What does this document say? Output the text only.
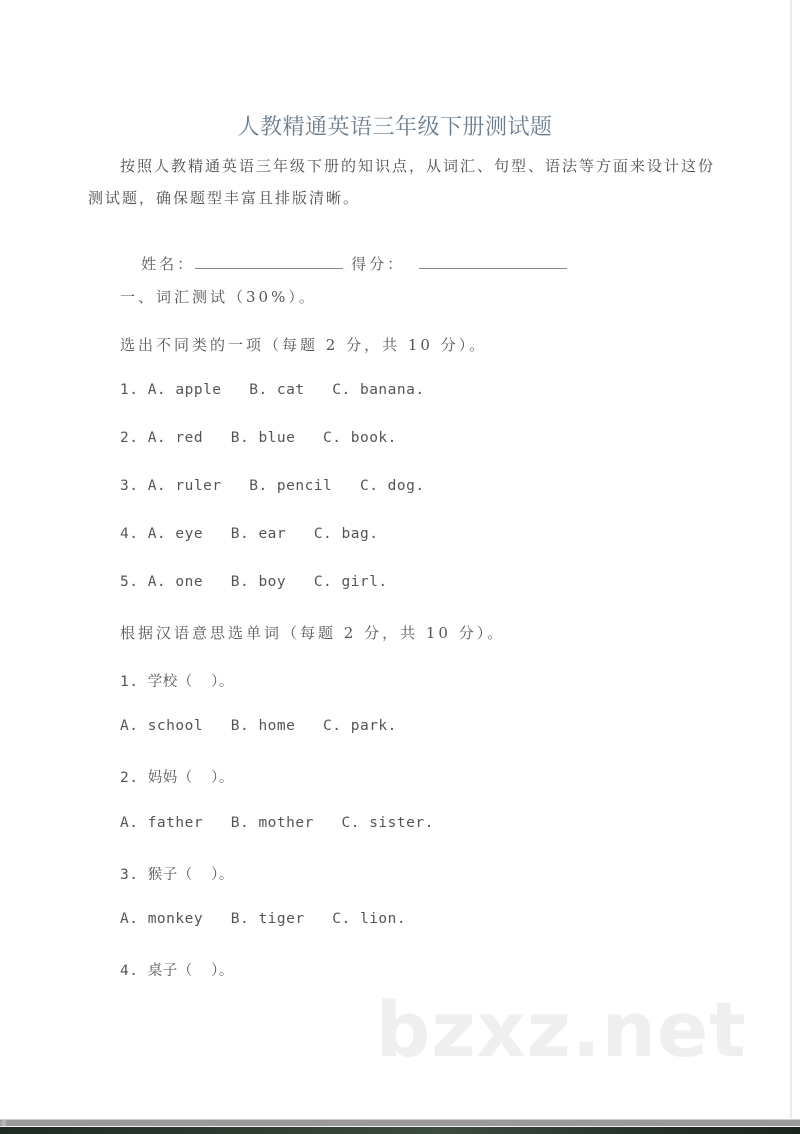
人教精通英语三年级下册测试题
按照人教精通英语三年级下册的知识点，从词汇、句型、语法等方面来设计这份测试题，确保题型丰富且排版清晰。

姓名：	得分：

一、词汇测试（30%）。
选出不同类的一项（每题 2 分，共 10 分）。
1. A. apple   B. cat   C. banana.
2. A. red   B. blue   C. book.
3. A. ruler   B. pencil   C. dog.
4. A. eye   B. ear   C. bag.
5. A. one   B. boy   C. girl.
根据汉语意思选单词（每题 2 分，共 10 分）。
1. 学校（  ）。
A. school   B. home   C. park.
2. 妈妈（  ）。
A. father   B. mother   C. sister.
3. 猴子（  ）。
A. monkey   B. tiger   C. lion.
4. 桌子（  ）。
bzxz.net
